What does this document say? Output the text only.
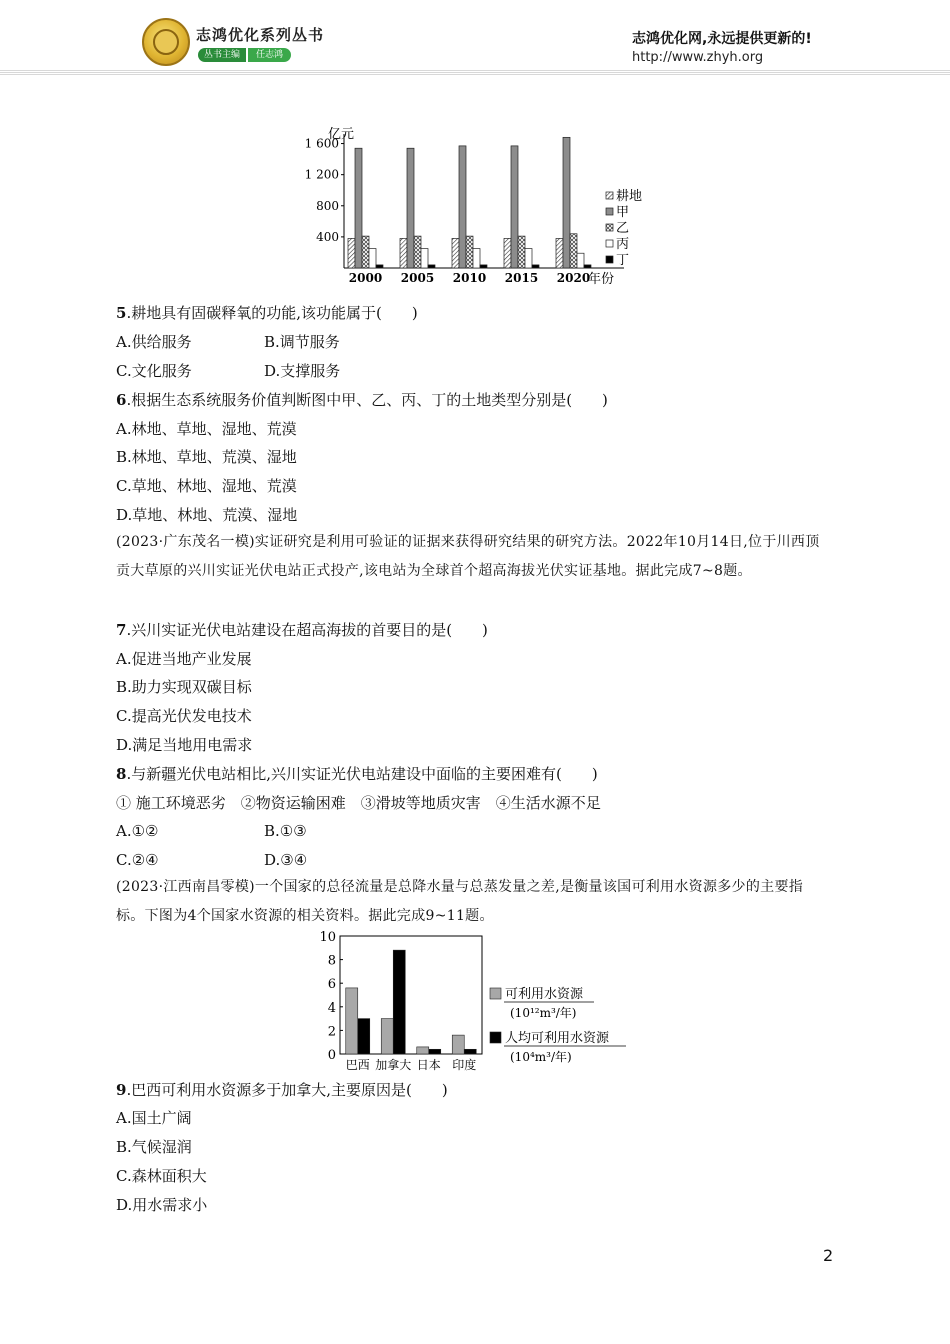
志鸿优化系列丛书
丛书主编	任志鸿
志鸿优化网,永远提供更新的!
http://www.zhyh.org
亿元
400
800
1 200
1 600
2000 2005 2010 2015 2020
年份
耕地
甲
乙
丙
丁
5.耕地具有固碳释氧的功能,该功能属于(　　)
A.供给服务	B.调节服务
C.文化服务	D.支撑服务
6.根据生态系统服务价值判断图中甲、乙、丙、丁的土地类型分别是(　　)
A.林地、草地、湿地、荒漠
B.林地、草地、荒漠、湿地
C.草地、林地、湿地、荒漠
D.草地、林地、荒漠、湿地
(2023·广东茂名一模)实证研究是利用可验证的证据来获得研究结果的研究方法。2022年10月14日,位于川西顶贡大草原的兴川实证光伏电站正式投产,该电站为全球首个超高海拔光伏实证基地。据此完成7~8题。
7.兴川实证光伏电站建设在超高海拔的首要目的是(　　)
A.促进当地产业发展
B.助力实现双碳目标
C.提高光伏发电技术
D.满足当地用电需求
8.与新疆光伏电站相比,兴川实证光伏电站建设中面临的主要困难有(　　)
① 施工环境恶劣　②物资运输困难　③滑坡等地质灾害　④生活水源不足
A.①②	B.①③
C.②④	D.③④
(2023·江西南昌零模)一个国家的总径流量是总降水量与总蒸发量之差,是衡量该国可利用水资源多少的主要指标。下图为4个国家水资源的相关资料。据此完成9~11题。
0
2
4
6
8
10
巴西 加拿大 日本 印度
可利用水资源
(10¹²m³/年)
人均可利用水资源
(10⁴m³/年)
9.巴西可利用水资源多于加拿大,主要原因是(　　)
A.国土广阔
B.气候湿润
C.森林面积大
D.用水需求小
2
